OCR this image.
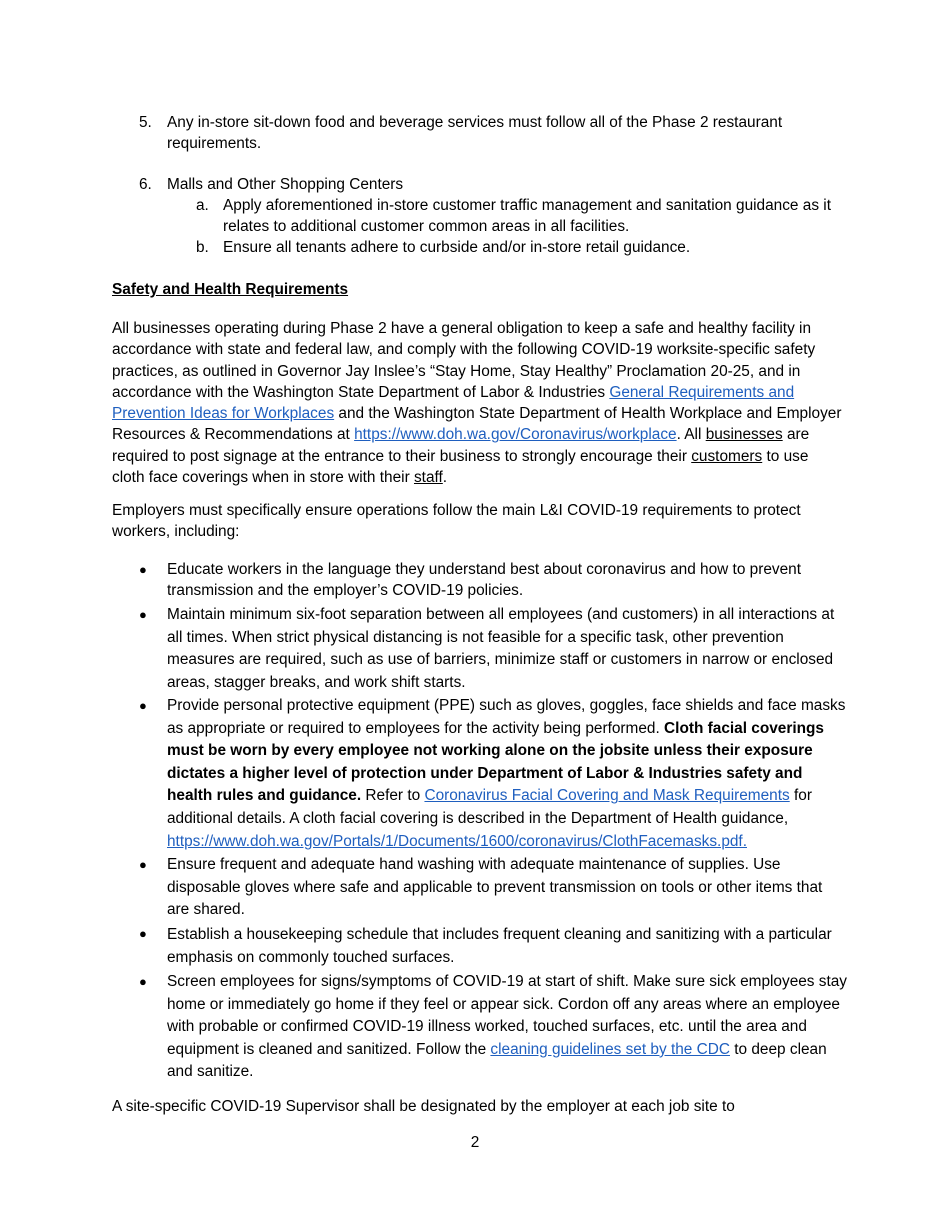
5. Any in-store sit-down food and beverage services must follow all of the Phase 2 restaurant requirements.
6. Malls and Other Shopping Centers
a. Apply aforementioned in-store customer traffic management and sanitation guidance as it relates to additional customer common areas in all facilities.
b. Ensure all tenants adhere to curbside and/or in-store retail guidance.
Safety and Health Requirements
All businesses operating during Phase 2 have a general obligation to keep a safe and healthy facility in accordance with state and federal law, and comply with the following COVID-19 worksite-specific safety practices, as outlined in Governor Jay Inslee’s “Stay Home, Stay Healthy” Proclamation 20-25, and in accordance with the Washington State Department of Labor & Industries General Requirements and Prevention Ideas for Workplaces and the Washington State Department of Health Workplace and Employer Resources & Recommendations at https://www.doh.wa.gov/Coronavirus/workplace. All businesses are required to post signage at the entrance to their business to strongly encourage their customers to use cloth face coverings when in store with their staff.
Employers must specifically ensure operations follow the main L&I COVID-19 requirements to protect workers, including:
● Educate workers in the language they understand best about coronavirus and how to prevent transmission and the employer’s COVID-19 policies.
● Maintain minimum six-foot separation between all employees (and customers) in all interactions at all times. When strict physical distancing is not feasible for a specific task, other prevention measures are required, such as use of barriers, minimize staff or customers in narrow or enclosed areas, stagger breaks, and work shift starts.
● Provide personal protective equipment (PPE) such as gloves, goggles, face shields and face masks as appropriate or required to employees for the activity being performed. Cloth facial coverings must be worn by every employee not working alone on the jobsite unless their exposure dictates a higher level of protection under Department of Labor & Industries safety and health rules and guidance. Refer to Coronavirus Facial Covering and Mask Requirements for additional details. A cloth facial covering is described in the Department of Health guidance, https://www.doh.wa.gov/Portals/1/Documents/1600/coronavirus/ClothFacemasks.pdf.
● Ensure frequent and adequate hand washing with adequate maintenance of supplies. Use disposable gloves where safe and applicable to prevent transmission on tools or other items that are shared.
● Establish a housekeeping schedule that includes frequent cleaning and sanitizing with a particular emphasis on commonly touched surfaces.
● Screen employees for signs/symptoms of COVID-19 at start of shift. Make sure sick employees stay home or immediately go home if they feel or appear sick. Cordon off any areas where an employee with probable or confirmed COVID-19 illness worked, touched surfaces, etc. until the area and equipment is cleaned and sanitized. Follow the cleaning guidelines set by the CDC to deep clean and sanitize.
A site-specific COVID-19 Supervisor shall be designated by the employer at each job site to
2
